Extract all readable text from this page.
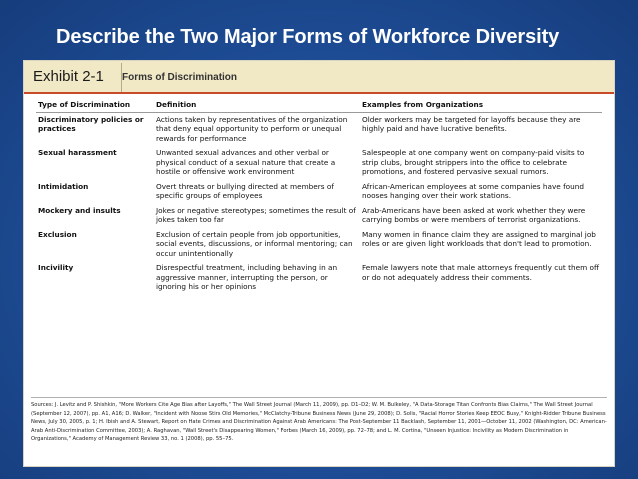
Describe the Two Major Forms of Workforce Diversity
Exhibit 2-1 Forms of Discrimination
Type of Discrimination	Definition	Examples from Organizations
Discriminatory policies or practices	Actions taken by representatives of the organization that deny equal opportunity to perform or unequal rewards for performance	Older workers may be targeted for layoffs because they are highly paid and have lucrative benefits.
Sexual harassment	Unwanted sexual advances and other verbal or physical conduct of a sexual nature that create a hostile or offensive work environment	Salespeople at one company went on company-paid visits to strip clubs, brought strippers into the office to celebrate promotions, and fostered pervasive sexual rumors.
Intimidation	Overt threats or bullying directed at members of specific groups of employees	African-American employees at some companies have found nooses hanging over their work stations.
Mockery and insults	Jokes or negative stereotypes; sometimes the result of jokes taken too far	Arab-Americans have been asked at work whether they were carrying bombs or were members of terrorist organizations.
Exclusion	Exclusion of certain people from job opportunities, social events, discussions, or informal mentoring; can occur unintentionally	Many women in finance claim they are assigned to marginal job roles or are given light workloads that don't lead to promotion.
Incivility	Disrespectful treatment, including behaving in an aggressive manner, interrupting the person, or ignoring his or her opinions	Female lawyers note that male attorneys frequently cut them off or do not adequately address their comments.
Sources: J. Levitz and P. Shishkin, "More Workers Cite Age Bias after Layoffs," The Wall Street Journal (March 11, 2009), pp. D1–D2; W. M. Bulkeley, "A Data-Storage Titan Confronts Bias Claims," The Wall Street Journal (September 12, 2007), pp. A1, A16; D. Walker, "Incident with Noose Stirs Old Memories," McClatchy-Tribune Business News (June 29, 2008); D. Solis, "Racial Horror Stories Keep EEOC Busy," Knight-Ridder Tribune Business News, July 30, 2005, p. 1; H. Ibish and A. Stewart, Report on Hate Crimes and Discrimination Against Arab Americans: The Post-September 11 Backlash, September 11, 2001—October 11, 2002 (Washington, DC: American-Arab Anti-Discrimination Committee, 2003); A. Raghavan, "Wall Street's Disappearing Women," Forbes (March 16, 2009), pp. 72–78; and L. M. Cortina, "Unseen Injustice: Incivility as Modern Discrimination in Organizations," Academy of Management Review 33, no. 1 (2008), pp. 55–75.
